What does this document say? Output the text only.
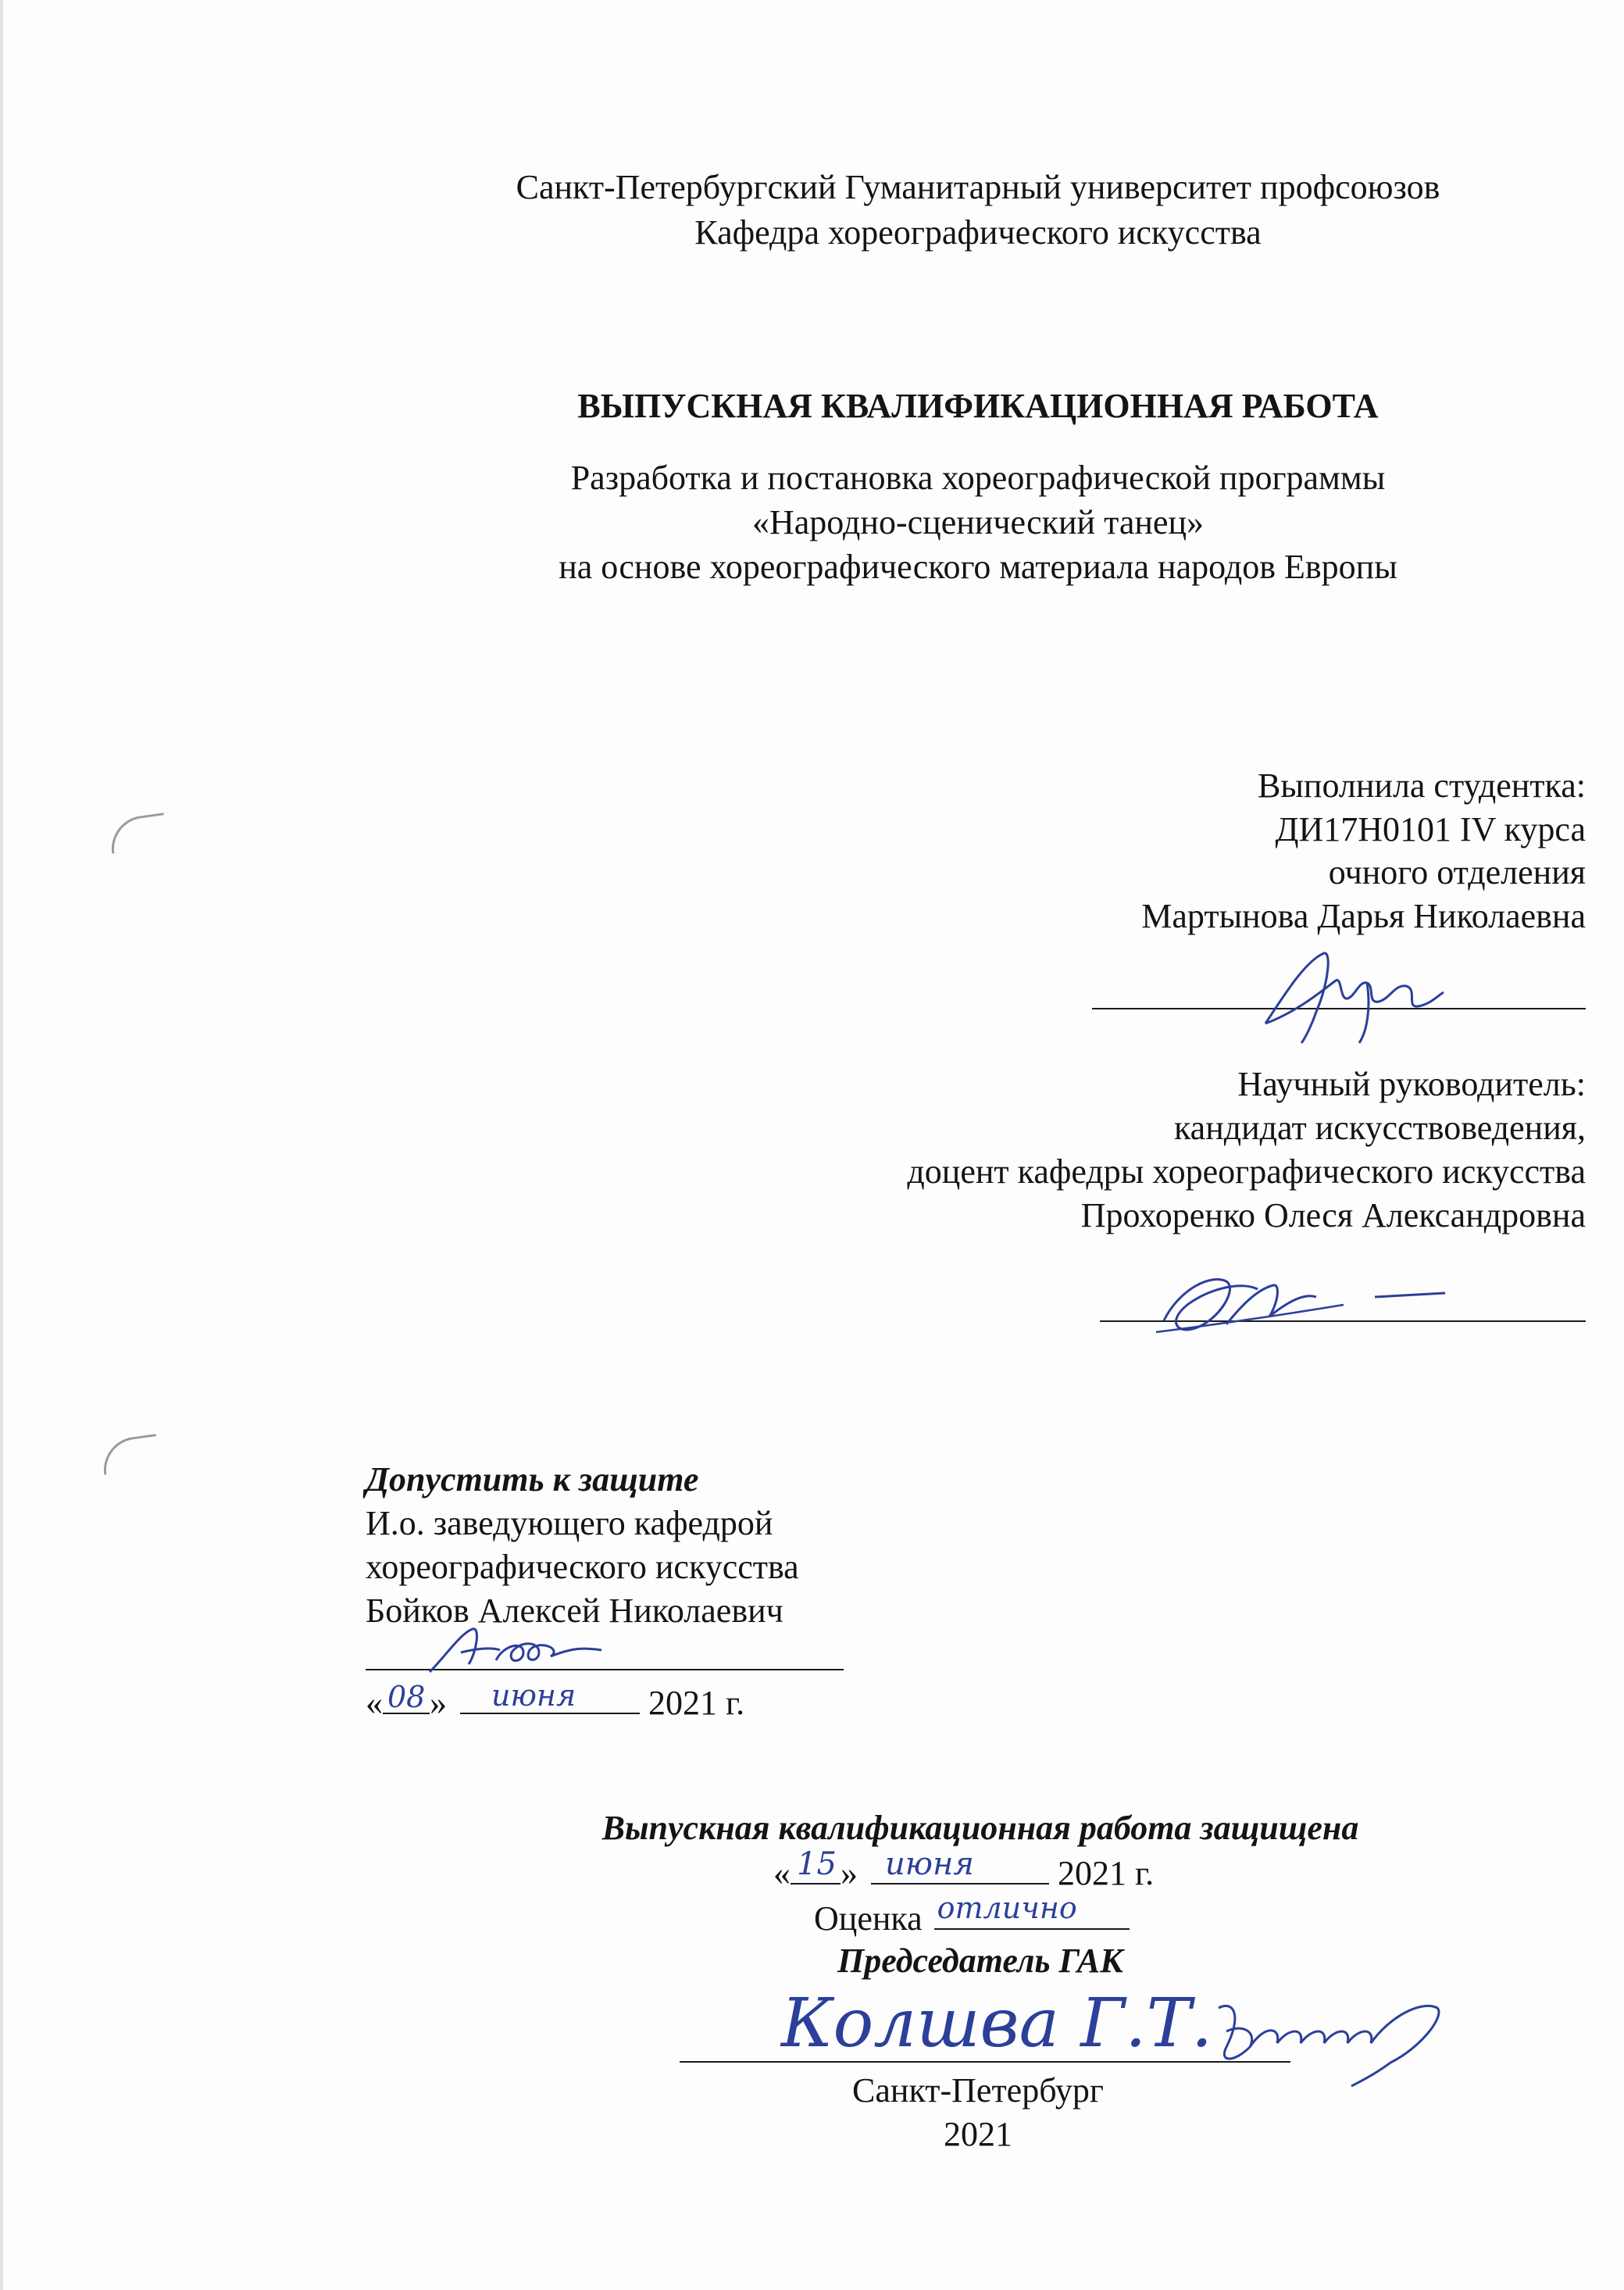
Санкт-Петербургский Гуманитарный университет профсоюзов
Кафедра хореографического искусства
ВЫПУСКНАЯ КВАЛИФИКАЦИОННАЯ РАБОТА
Разработка и постановка хореографической программы
«Народно-сценический танец»
на основе хореографического материала народов Европы
Выполнила студентка:
ДИ17Н0101 IV курса
очного отделения
Мартынова Дарья Николаевна
Научный руководитель:
кандидат искусствоведения,
доцент кафедры хореографического искусства
Прохоренко Олеся Александровна
Допустить к защите
И.о. заведующего кафедрой
хореографического искусства
Бойков Алексей Николаевич
« 08 » июня 2021 г.
Выпускная квалификационная работа защищена
« 15 » июня 2021 г.
Оценка отлично
Председатель ГАК
Колшва Г.Т.
Санкт-Петербург
2021
